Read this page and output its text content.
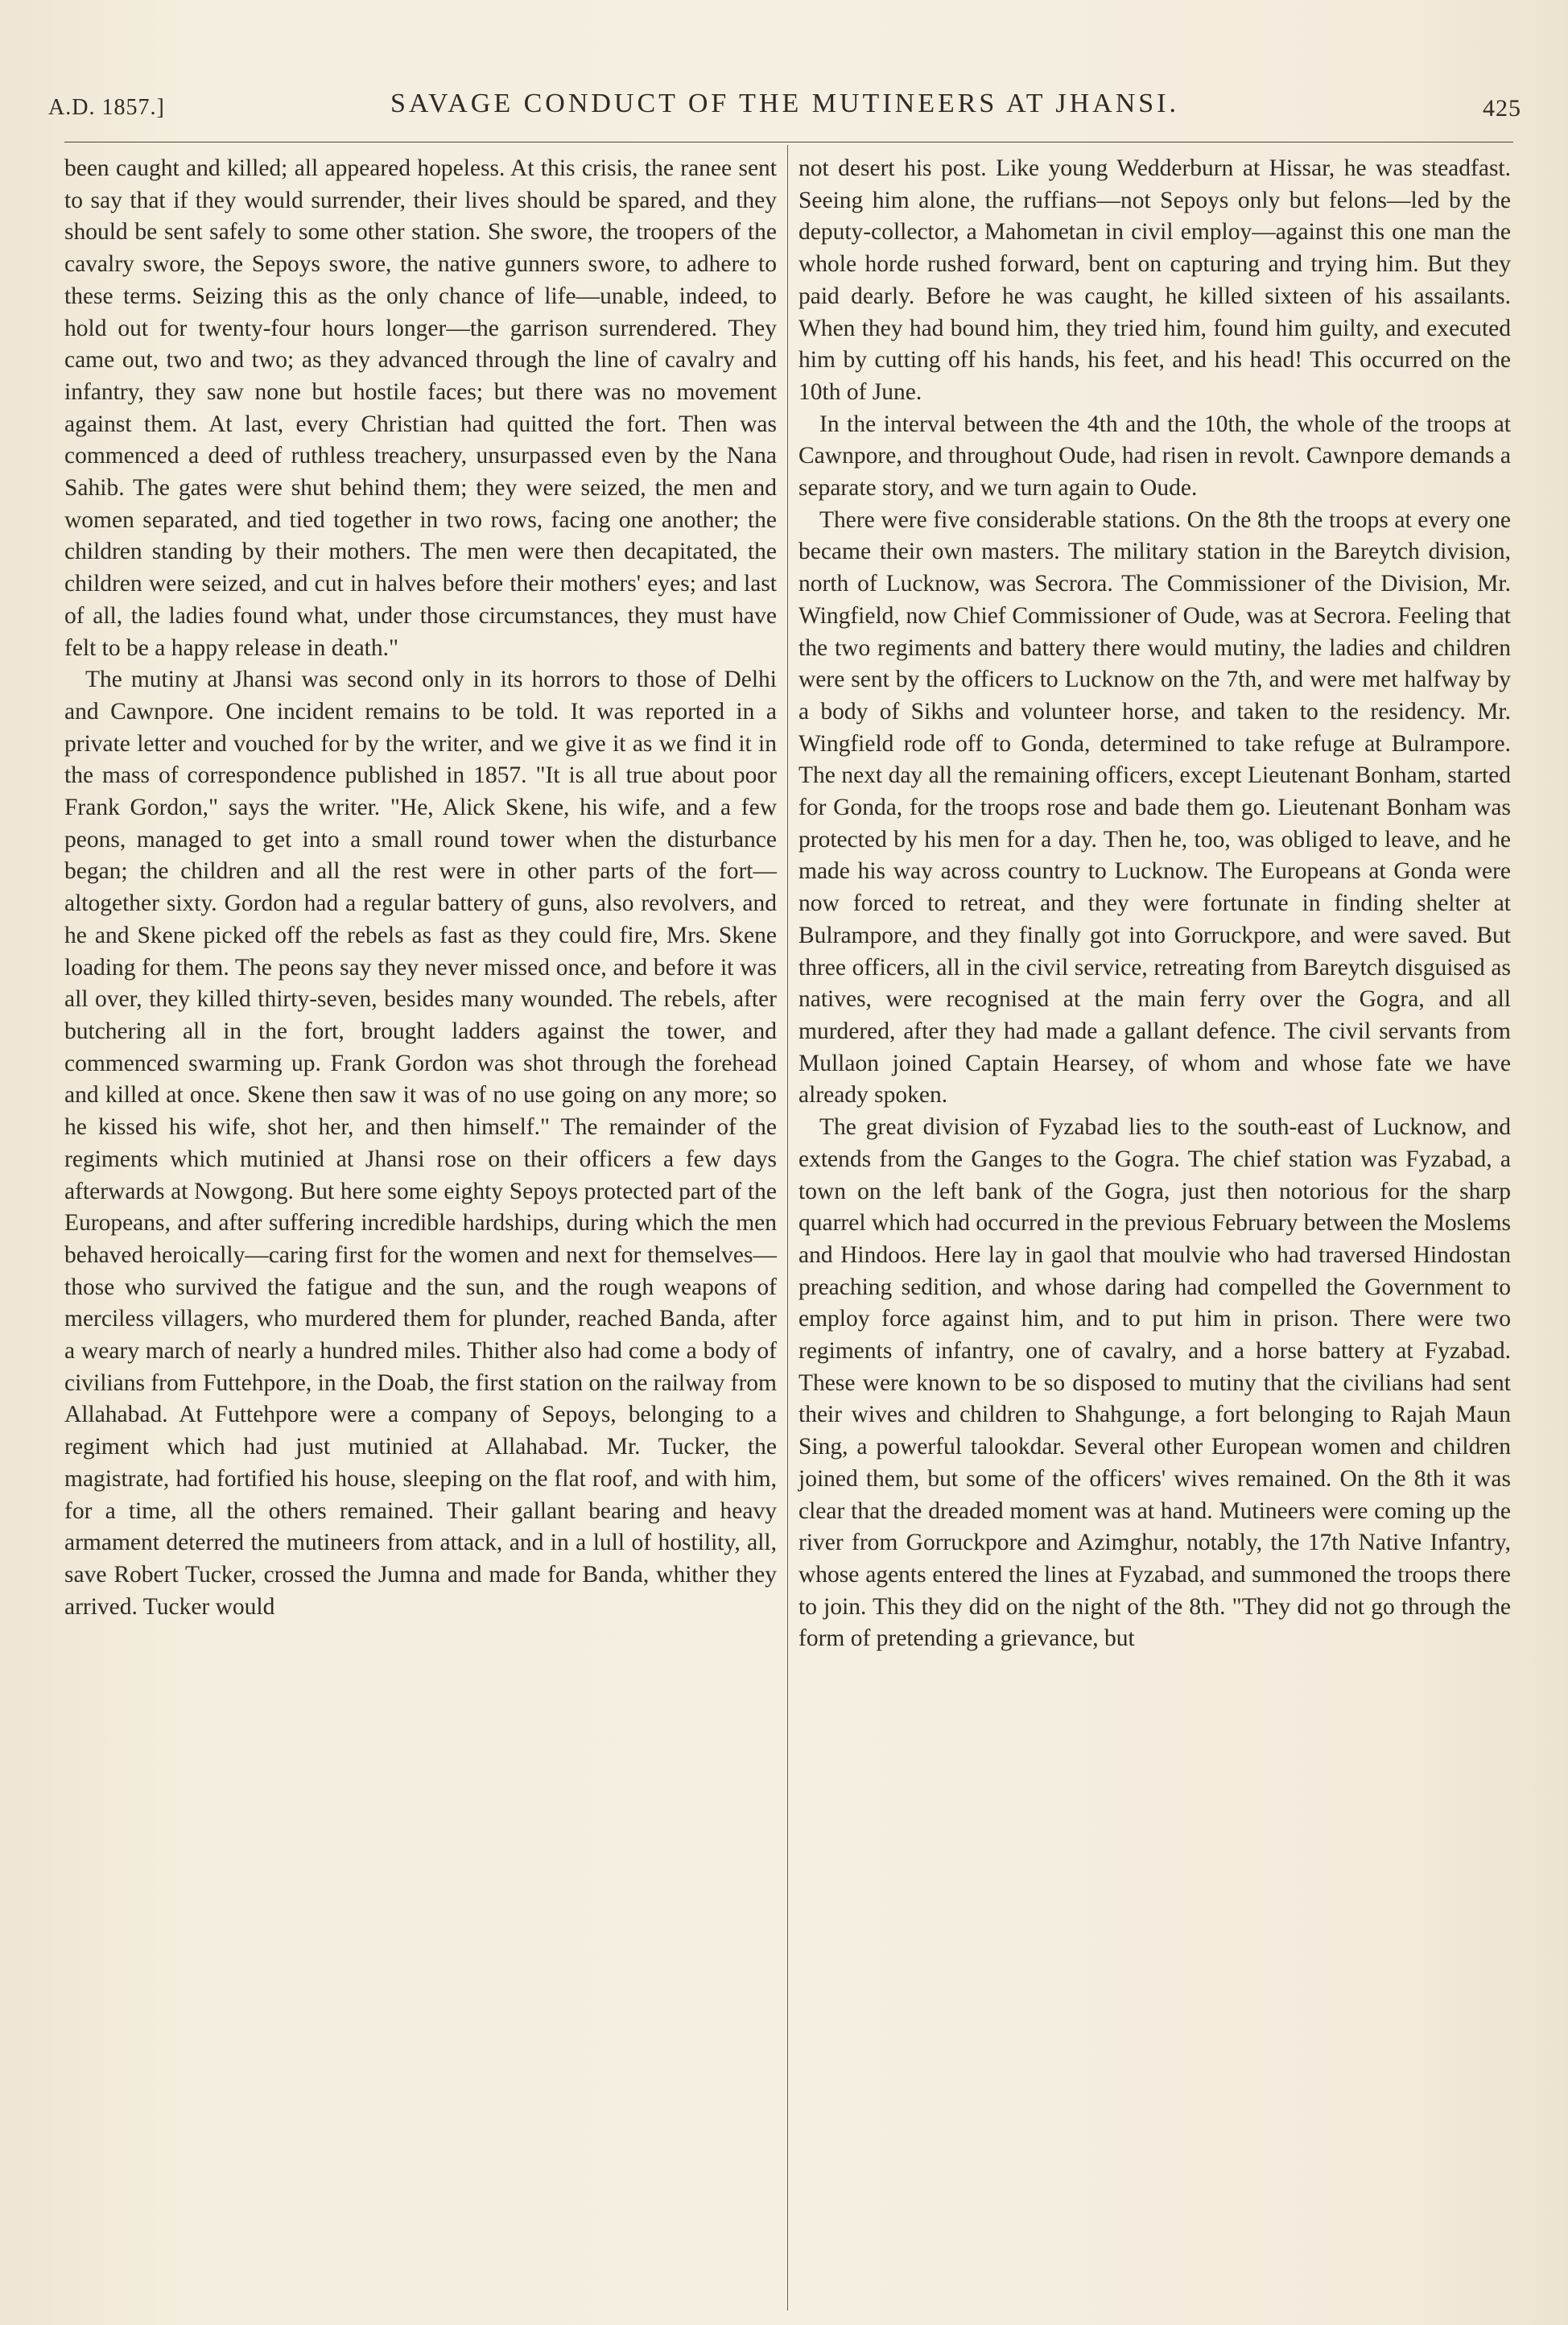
A.D. 1857.]	SAVAGE CONDUCT OF THE MUTINEERS AT JHANSI.	425

been caught and killed; all appeared hopeless. At this crisis, the ranee sent to say that if they would surrender, their lives should be spared, and they should be sent safely to some other station. She swore, the troopers of the cavalry swore, the Sepoys swore, the native gunners swore, to adhere to these terms. Seizing this as the only chance of life—unable, indeed, to hold out for twenty-four hours longer—the garrison surrendered. They came out, two and two; as they advanced through the line of cavalry and infantry, they saw none but hostile faces; but there was no movement against them. At last, every Christian had quitted the fort. Then was commenced a deed of ruthless treachery, unsurpassed even by the Nana Sahib. The gates were shut behind them; they were seized, the men and women separated, and tied together in two rows, facing one another; the children standing by their mothers. The men were then decapitated, the children were seized, and cut in halves before their mothers' eyes; and last of all, the ladies found what, under those circumstances, they must have felt to be a happy release in death."

The mutiny at Jhansi was second only in its horrors to those of Delhi and Cawnpore. One incident remains to be told. It was reported in a private letter and vouched for by the writer, and we give it as we find it in the mass of correspondence published in 1857. "It is all true about poor Frank Gordon," says the writer. "He, Alick Skene, his wife, and a few peons, managed to get into a small round tower when the disturbance began; the children and all the rest were in other parts of the fort—altogether sixty. Gordon had a regular battery of guns, also revolvers, and he and Skene picked off the rebels as fast as they could fire, Mrs. Skene loading for them. The peons say they never missed once, and before it was all over, they killed thirty-seven, besides many wounded. The rebels, after butchering all in the fort, brought ladders against the tower, and commenced swarming up. Frank Gordon was shot through the forehead and killed at once. Skene then saw it was of no use going on any more; so he kissed his wife, shot her, and then himself." The remainder of the regiments which mutinied at Jhansi rose on their officers a few days afterwards at Nowgong. But here some eighty Sepoys protected part of the Europeans, and after suffering incredible hardships, during which the men behaved heroically—caring first for the women and next for themselves—those who survived the fatigue and the sun, and the rough weapons of merciless villagers, who murdered them for plunder, reached Banda, after a weary march of nearly a hundred miles. Thither also had come a body of civilians from Futtehpore, in the Doab, the first station on the railway from Allahabad. At Futtehpore were a company of Sepoys, belonging to a regiment which had just mutinied at Allahabad. Mr. Tucker, the magistrate, had fortified his house, sleeping on the flat roof, and with him, for a time, all the others remained. Their gallant bearing and heavy armament deterred the mutineers from attack, and in a lull of hostility, all, save Robert Tucker, crossed the Jumna and made for Banda, whither they arrived. Tucker would

not desert his post. Like young Wedderburn at Hissar, he was steadfast. Seeing him alone, the ruffians—not Sepoys only but felons—led by the deputy-collector, a Mahometan in civil employ—against this one man the whole horde rushed forward, bent on capturing and trying him. But they paid dearly. Before he was caught, he killed sixteen of his assailants. When they had bound him, they tried him, found him guilty, and executed him by cutting off his hands, his feet, and his head! This occurred on the 10th of June.

In the interval between the 4th and the 10th, the whole of the troops at Cawnpore, and throughout Oude, had risen in revolt. Cawnpore demands a separate story, and we turn again to Oude.

There were five considerable stations. On the 8th the troops at every one became their own masters. The military station in the Bareytch division, north of Lucknow, was Secrora. The Commissioner of the Division, Mr. Wingfield, now Chief Commissioner of Oude, was at Secrora. Feeling that the two regiments and battery there would mutiny, the ladies and children were sent by the officers to Lucknow on the 7th, and were met halfway by a body of Sikhs and volunteer horse, and taken to the residency. Mr. Wingfield rode off to Gonda, determined to take refuge at Bulrampore. The next day all the remaining officers, except Lieutenant Bonham, started for Gonda, for the troops rose and bade them go. Lieutenant Bonham was protected by his men for a day. Then he, too, was obliged to leave, and he made his way across country to Lucknow. The Europeans at Gonda were now forced to retreat, and they were fortunate in finding shelter at Bulrampore, and they finally got into Gorruckpore, and were saved. But three officers, all in the civil service, retreating from Bareytch disguised as natives, were recognised at the main ferry over the Gogra, and all murdered, after they had made a gallant defence. The civil servants from Mullaon joined Captain Hearsey, of whom and whose fate we have already spoken.

The great division of Fyzabad lies to the south-east of Lucknow, and extends from the Ganges to the Gogra. The chief station was Fyzabad, a town on the left bank of the Gogra, just then notorious for the sharp quarrel which had occurred in the previous February between the Moslems and Hindoos. Here lay in gaol that moulvie who had traversed Hindostan preaching sedition, and whose daring had compelled the Government to employ force against him, and to put him in prison. There were two regiments of infantry, one of cavalry, and a horse battery at Fyzabad. These were known to be so disposed to mutiny that the civilians had sent their wives and children to Shahgunge, a fort belonging to Rajah Maun Sing, a powerful talookdar. Several other European women and children joined them, but some of the officers' wives remained. On the 8th it was clear that the dreaded moment was at hand. Mutineers were coming up the river from Gorruckpore and Azimghur, notably, the 17th Native Infantry, whose agents entered the lines at Fyzabad, and summoned the troops there to join. This they did on the night of the 8th. "They did not go through the form of pretending a grievance, but
